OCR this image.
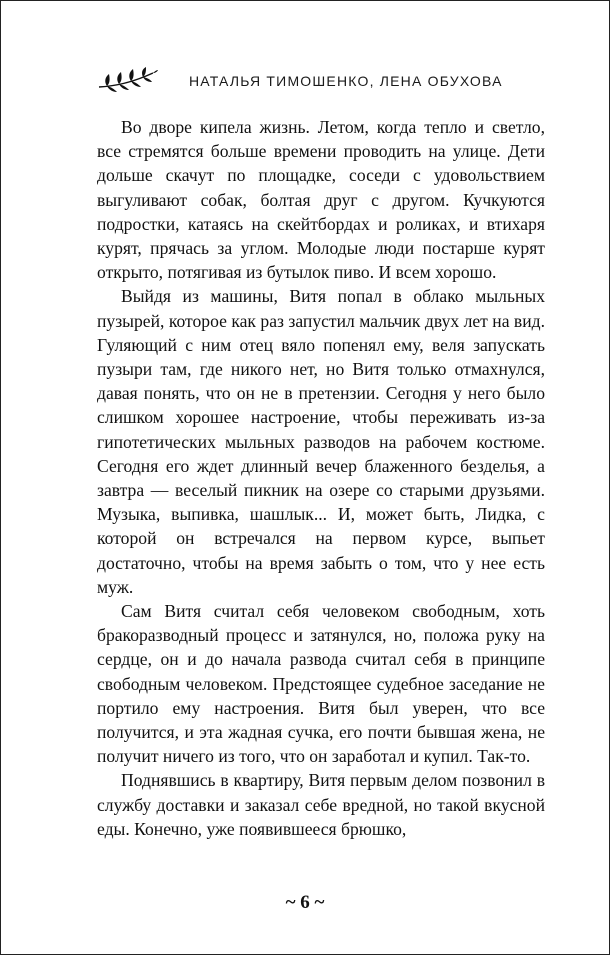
НАТАЛЬЯ ТИМОШЕНКО, ЛЕНА ОБУХОВА

Во дворе кипела жизнь. Летом, когда тепло и светло, все стремятся больше времени проводить на улице. Дети дольше скачут по площадке, соседи с удовольствием выгуливают собак, болтая друг с другом. Кучкуются подростки, катаясь на скейтбордах и роликах, и втихаря курят, прячась за углом. Молодые люди постарше курят открыто, потягивая из бутылок пиво. И всем хорошо.

Выйдя из машины, Витя попал в облако мыльных пузырей, которое как раз запустил мальчик двух лет на вид. Гуляющий с ним отец вяло попенял ему, веля запускать пузыри там, где никого нет, но Витя только отмахнулся, давая понять, что он не в претензии. Сегодня у него было слишком хорошее настроение, чтобы переживать из-за гипотетических мыльных разводов на рабочем костюме. Сегодня его ждет длинный вечер блаженного безделья, а завтра — веселый пикник на озере со старыми друзьями. Музыка, выпивка, шашлык... И, может быть, Лидка, с которой он встречался на первом курсе, выпьет достаточно, чтобы на время забыть о том, что у нее есть муж.

Сам Витя считал себя человеком свободным, хоть бракоразводный процесс и затянулся, но, положа руку на сердце, он и до начала развода считал себя в принципе свободным человеком. Предстоящее судебное заседание не портило ему настроения. Витя был уверен, что все получится, и эта жадная сучка, его почти бывшая жена, не получит ничего из того, что он заработал и купил. Так-то.

Поднявшись в квартиру, Витя первым делом позвонил в службу доставки и заказал себе вредной, но такой вкусной еды. Конечно, уже появившееся брюшко,

~ 6 ~
